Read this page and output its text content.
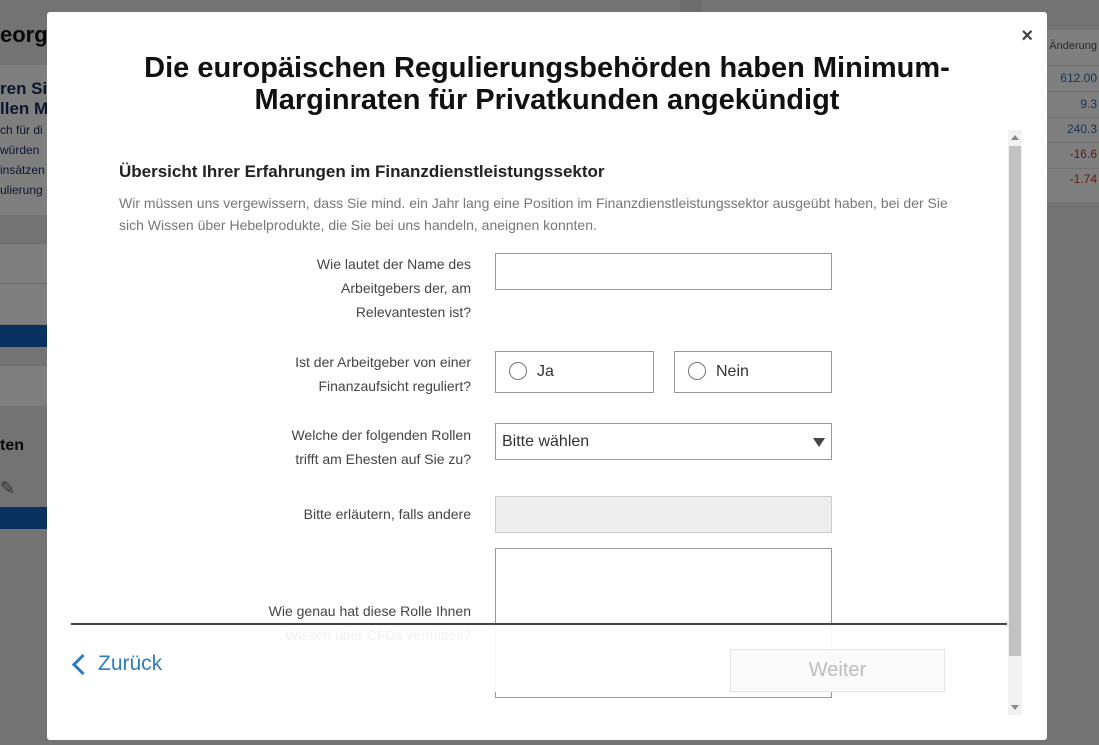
×
Die europäischen Regulierungsbehörden haben Minimum-Marginraten für Privatkunden angekündigt
Übersicht Ihrer Erfahrungen im Finanzdienstleistungssektor

Wir müssen uns vergewissern, dass Sie mind. ein Jahr lang eine Position im Finanzdienstleistungssektor ausgeübt haben, bei der Sie sich Wissen über Hebelprodukte, die Sie bei uns handeln, aneignen konnten.

Wie lautet der Name des
Arbeitgebers der, am
Relevantesten ist?
Ist der Arbeitgeber von einer
Finanzaufsicht reguliert?
Ja	Nein
Welche der folgenden Rollen
trifft am Ehesten auf Sie zu?
Bitte wählen
Bitte erläutern, falls andere
Wie genau hat diese Rolle Ihnen
Zurück	Weiter
